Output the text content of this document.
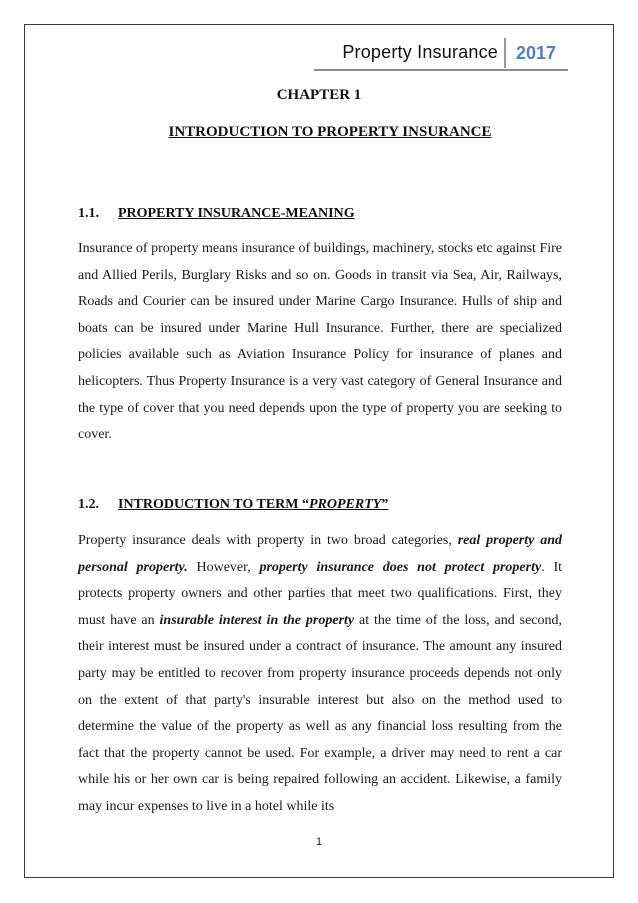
Property Insurance 2017
CHAPTER 1
INTRODUCTION TO PROPERTY INSURANCE
1.1. PROPERTY INSURANCE-MEANING

Insurance of property means insurance of buildings, machinery, stocks etc against Fire and Allied Perils, Burglary Risks and so on. Goods in transit via Sea, Air, Railways, Roads and Courier can be insured under Marine Cargo Insurance. Hulls of ship and boats can be insured under Marine Hull Insurance. Further, there are specialized policies available such as Aviation Insurance Policy for insurance of planes and helicopters. Thus Property Insurance is a very vast category of General Insurance and the type of cover that you need depends upon the type of property you are seeking to cover.

1.2. INTRODUCTION TO TERM “PROPERTY”

Property insurance deals with property in two broad categories, real property and personal property. However, property insurance does not protect property. It protects property owners and other parties that meet two qualifications. First, they must have an insurable interest in the property at the time of the loss, and second, their interest must be insured under a contract of insurance. The amount any insured party may be entitled to recover from property insurance proceeds depends not only on the extent of that party's insurable interest but also on the method used to determine the value of the property as well as any financial loss resulting from the fact that the property cannot be used. For example, a driver may need to rent a car while his or her own car is being repaired following an accident. Likewise, a family may incur expenses to live in a hotel while its

1
